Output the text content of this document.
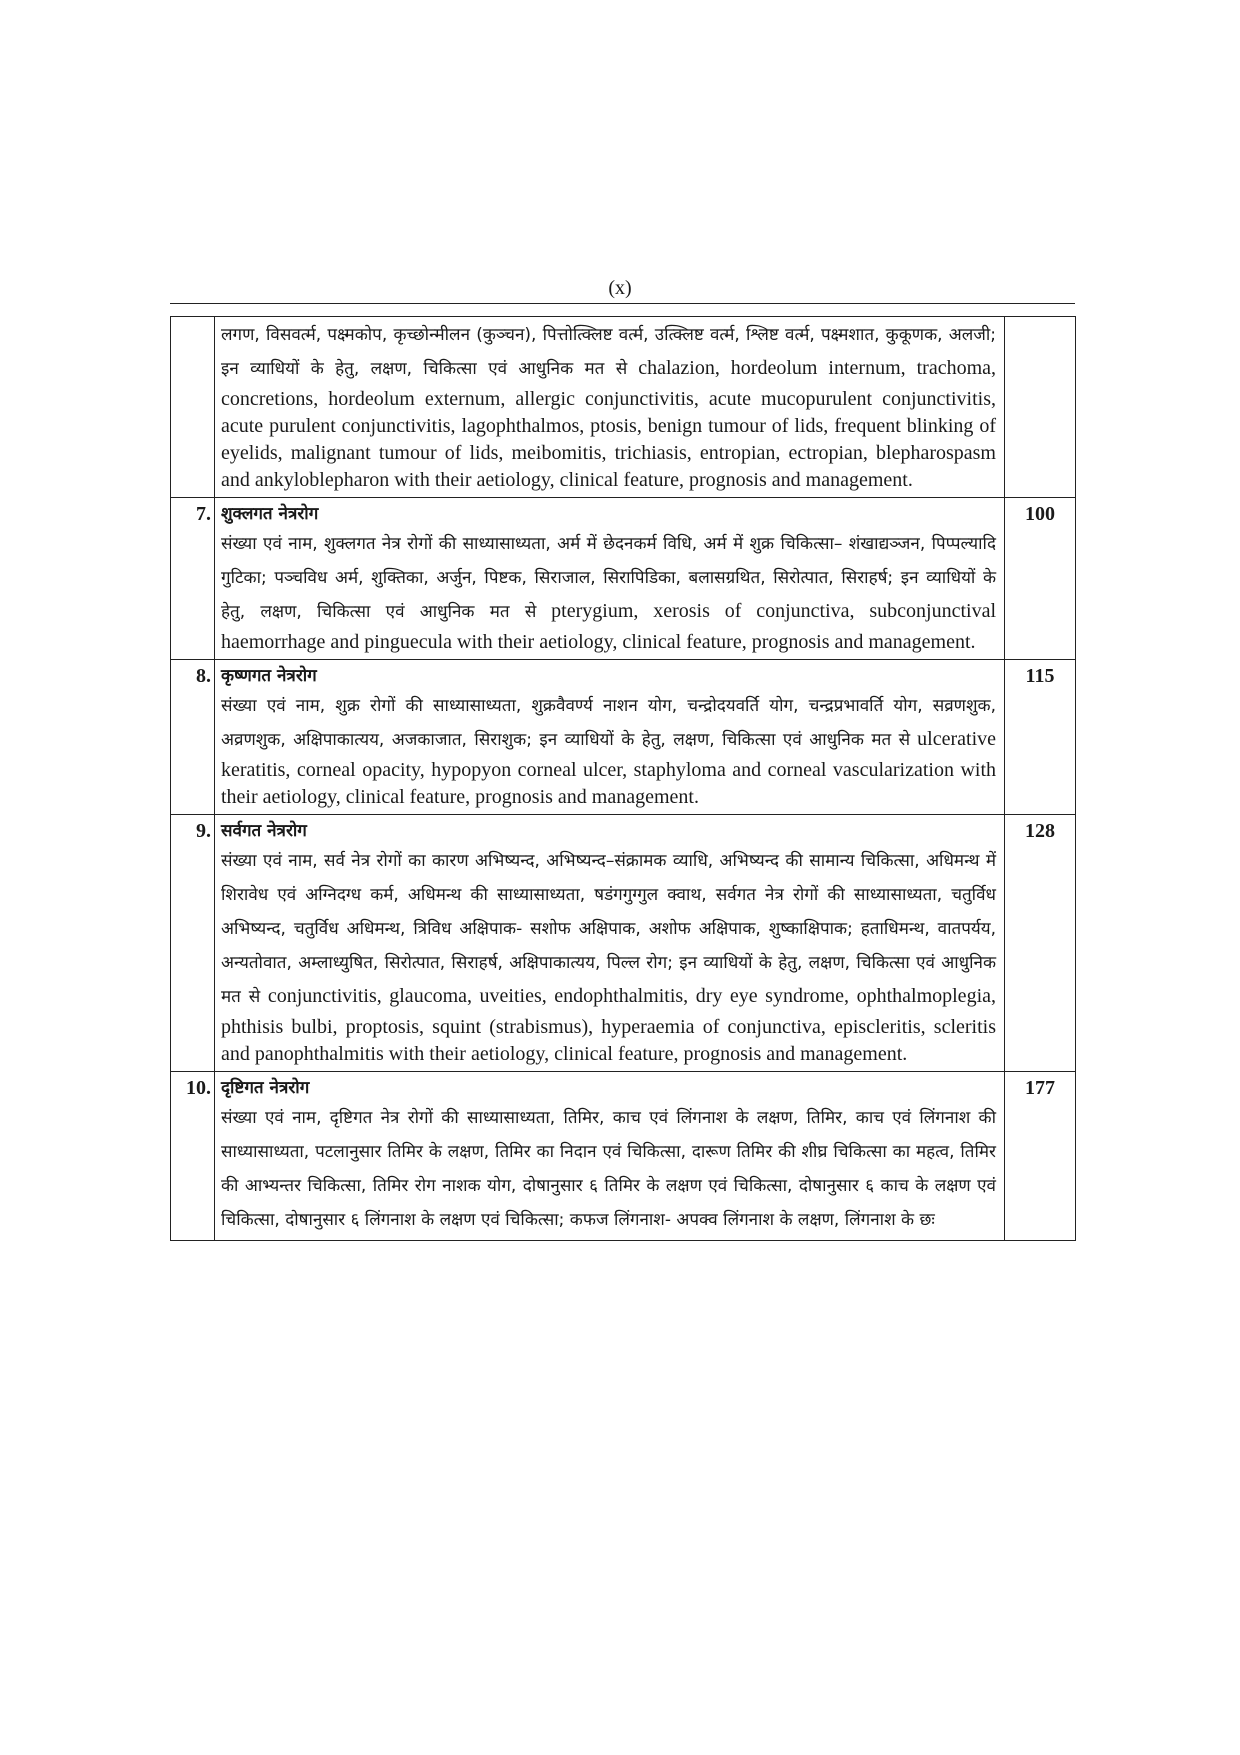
(x)

	लगण, विसवर्त्म, पक्ष्मकोप, कृच्छोन्मीलन (कुञ्चन), पित्तोत्क्लिष्ट वर्त्म, उत्क्लिष्ट वर्त्म, श्लिष्ट वर्त्म, पक्ष्मशात, कुकूणक, अलजी; इन व्याधियों के हेतु, लक्षण, चिकित्सा एवं आधुनिक मत से chalazion, hordeolum internum, trachoma, concretions, hordeolum externum, allergic conjunctivitis, acute mucopurulent conjunctivitis, acute purulent conjunctivitis, lagophthalmos, ptosis, benign tumour of lids, frequent blinking of eyelids, malignant tumour of lids, meibomitis, trichiasis, entropian, ectropian, blepharospasm and ankyloblepharon with their aetiology, clinical feature, prognosis and management.	

7.	शुक्लगत नेत्ररोग

संख्या एवं नाम, शुक्लगत नेत्र रोगों की साध्यासाध्यता, अर्म में छेदनकर्म विधि, अर्म में शुक्र चिकित्सा– शंखाद्यञ्जन, पिप्पल्यादि गुटिका; पञ्चविध अर्म, शुक्तिका, अर्जुन, पिष्टक, सिराजाल, सिरापिडिका, बलासग्रथित, सिरोत्पात, सिराहर्ष; इन व्याधियों के हेतु, लक्षण, चिकित्सा एवं आधुनिक मत से pterygium, xerosis of conjunctiva, subconjunctival haemorrhage and pinguecula with their aetiology, clinical feature, prognosis and management.	100
8.	कृष्णगत नेत्ररोग

संख्या एवं नाम, शुक्र रोगों की साध्यासाध्यता, शुक्रवैवर्ण्य नाशन योग, चन्द्रोदयवर्ति योग, चन्द्रप्रभावर्ति योग, सव्रणशुक, अव्रणशुक, अक्षिपाकात्यय, अजकाजात, सिराशुक; इन व्याधियों के हेतु, लक्षण, चिकित्सा एवं आधुनिक मत से ulcerative keratitis, corneal opacity, hypopyon corneal ulcer, staphyloma and corneal vascularization with their aetiology, clinical feature, prognosis and management.	115
9.	सर्वगत नेत्ररोग

संख्या एवं नाम, सर्व नेत्र रोगों का कारण अभिष्यन्द, अभिष्यन्द–संक्रामक व्याधि, अभिष्यन्द की सामान्य चिकित्सा, अधिमन्थ में शिरावेध एवं अग्निदग्ध कर्म, अधिमन्थ की साध्यासाध्यता, षडंगगुग्गुल क्वाथ, सर्वगत नेत्र रोगों की साध्यासाध्यता, चतुर्विध अभिष्यन्द, चतुर्विध अधिमन्थ, त्रिविध अक्षिपाक- सशोफ अक्षिपाक, अशोफ अक्षिपाक, शुष्काक्षिपाक; हताधिमन्थ, वातपर्यय, अन्यतोवात, अम्लाध्युषित, सिरोत्पात, सिराहर्ष, अक्षिपाकात्यय, पिल्ल रोग; इन व्याधियों के हेतु, लक्षण, चिकित्सा एवं आधुनिक मत से conjunctivitis, glaucoma, uveities, endophthalmitis, dry eye syndrome, ophthalmoplegia, phthisis bulbi, proptosis, squint (strabismus), hyperaemia of conjunctiva, episcleritis, scleritis and panophthalmitis with their aetiology, clinical feature, prognosis and management.	128
10.	दृष्टिगत नेत्ररोग

संख्या एवं नाम, दृष्टिगत नेत्र रोगों की साध्यासाध्यता, तिमिर, काच एवं लिंगनाश के लक्षण, तिमिर, काच एवं लिंगनाश की साध्यासाध्यता, पटलानुसार तिमिर के लक्षण, तिमिर का निदान एवं चिकित्सा, दारूण तिमिर की शीघ्र चिकित्सा का महत्व, तिमिर की आभ्यन्तर चिकित्सा, तिमिर रोग नाशक योग, दोषानुसार ६ तिमिर के लक्षण एवं चिकित्सा, दोषानुसार ६ काच के लक्षण एवं चिकित्सा, दोषानुसार ६ लिंगनाश के लक्षण एवं चिकित्सा; कफज लिंगनाश- अपक्व लिंगनाश के लक्षण, लिंगनाश के छः	177
